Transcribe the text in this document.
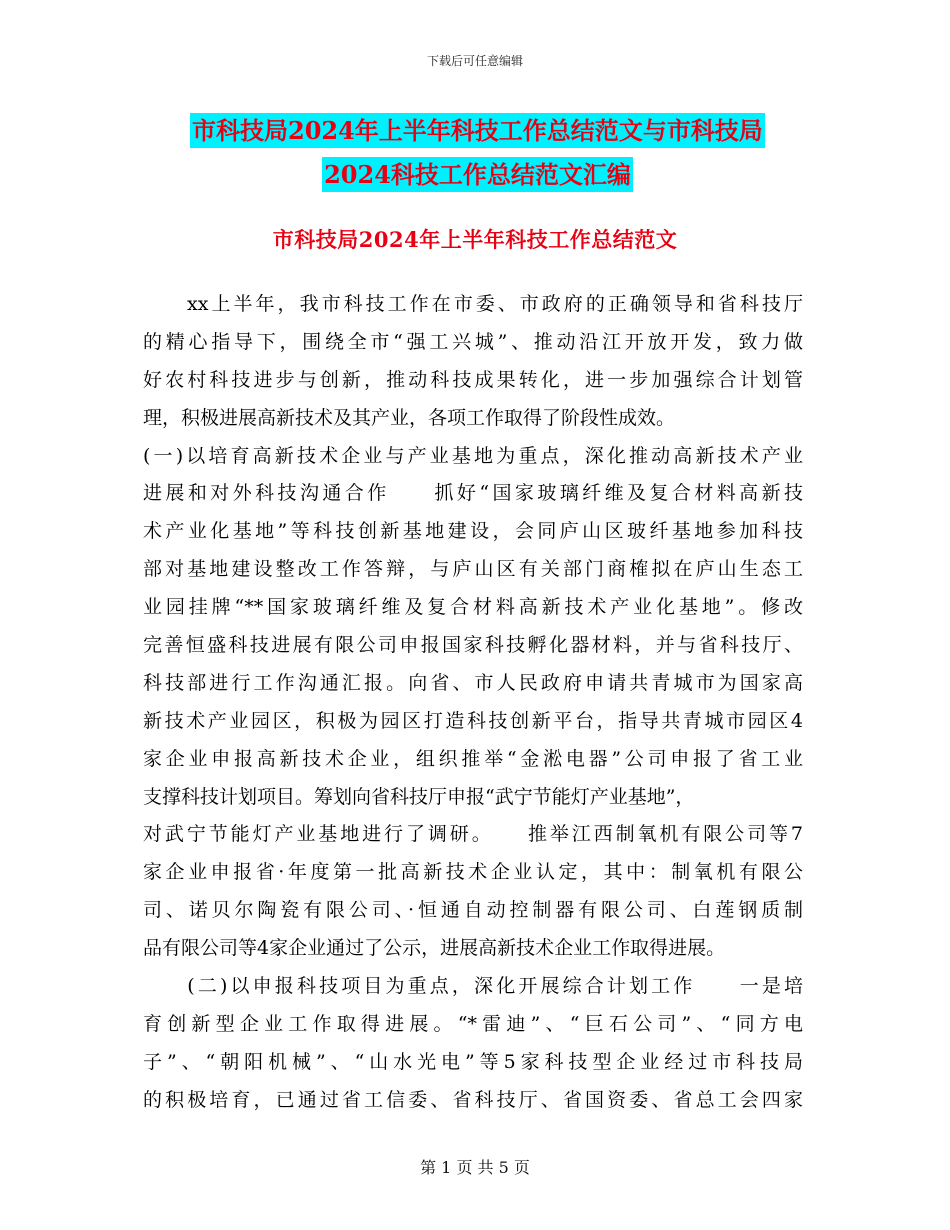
下载后可任意编辑
市科技局2024年上半年科技工作总结范文与市科技局
2024科技工作总结范文汇编
市科技局2024年上半年科技工作总结范文
　　xx上半年，我市科技工作在市委、市政府的正确领导和省科技厅
的精心指导下，围绕全市“强工兴城”、推动沿江开放开发，致力做
好农村科技进步与创新，推动科技成果转化，进一步加强综合计划管
理，积极进展高新技术及其产业，各项工作取得了阶段性成效。
(一)以培育高新技术企业与产业基地为重点，深化推动高新技术产业
进展和对外科技沟通合作　　抓好“国家玻璃纤维及复合材料高新技
术产业化基地”等科技创新基地建设，会同庐山区玻纤基地参加科技
部对基地建设整改工作答辩，与庐山区有关部门商榷拟在庐山生态工
业园挂牌“**国家玻璃纤维及复合材料高新技术产业化基地”。修改
完善恒盛科技进展有限公司申报国家科技孵化器材料，并与省科技厅、
科技部进行工作沟通汇报。向省、市人民政府申请共青城市为国家高
新技术产业园区，积极为园区打造科技创新平台，指导共青城市园区4
家企业申报高新技术企业，组织推举“金淞电器”公司申报了省工业
支撑科技计划项目。筹划向省科技厅申报“武宁节能灯产业基地”，
对武宁节能灯产业基地进行了调研。　　推举江西制氧机有限公司等7
家企业申报省·年度第一批高新技术企业认定，其中：制氧机有限公
司、诺贝尔陶瓷有限公司、·恒通自动控制器有限公司、白莲钢质制
品有限公司等4家企业通过了公示，进展高新技术企业工作取得进展。
　　(二)以申报科技项目为重点，深化开展综合计划工作　　一是培
育创新型企业工作取得进展。“*雷迪”、“巨石公司”、“同方电
子”、“朝阳机械”、“山水光电”等5家科技型企业经过市科技局
的积极培育，已通过省工信委、省科技厅、省国资委、省总工会四家
第 1 页 共 5 页
